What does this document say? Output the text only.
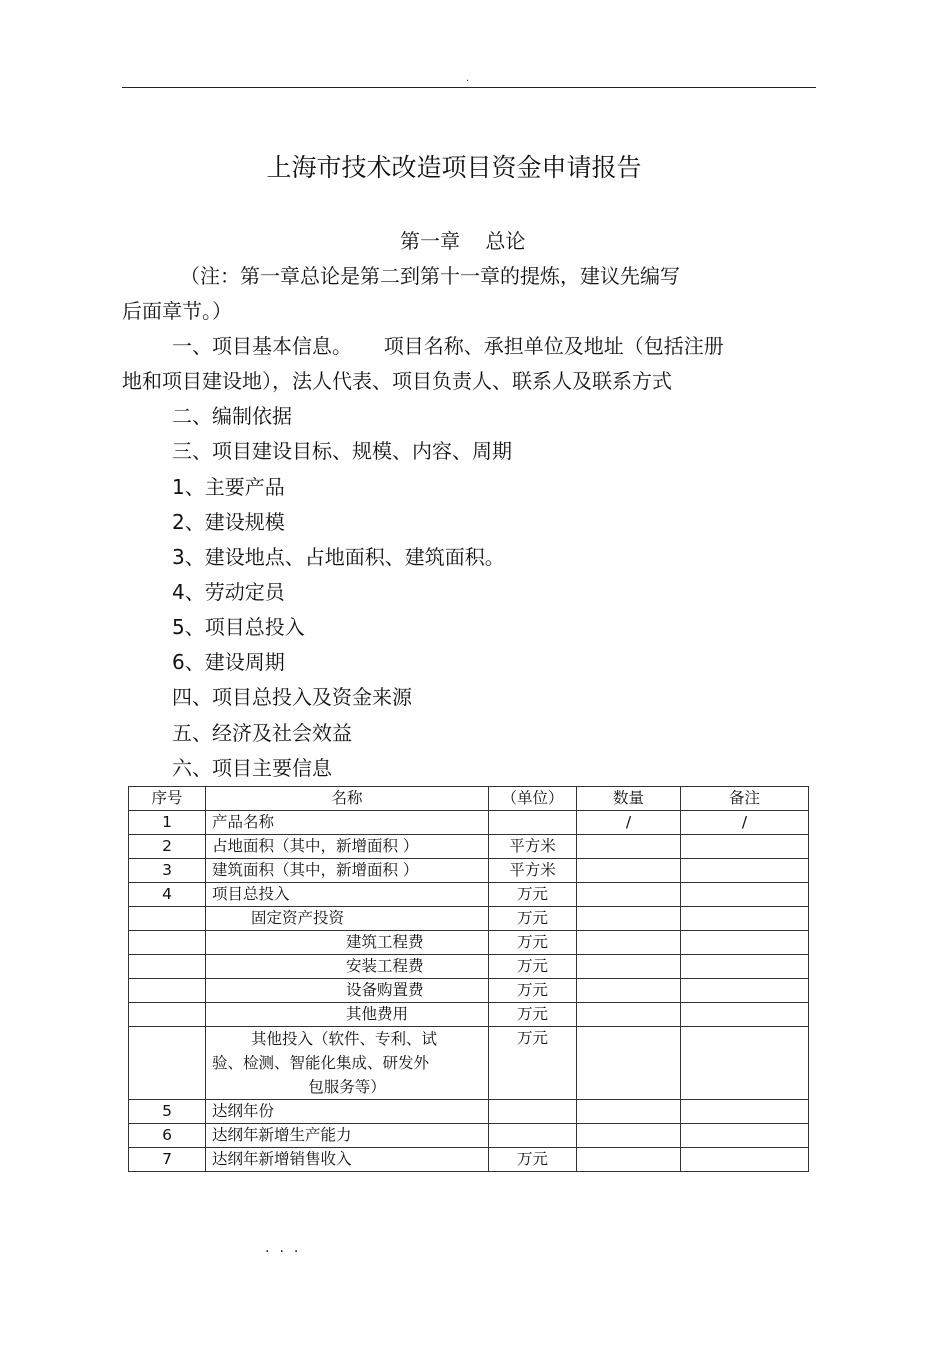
.
上海市技术改造项目资金申请报告
第一章    总论
（注：第一章总论是第二到第十一章的提炼，建议先编写
后面章节。）
一、项目基本信息。     项目名称、承担单位及地址（包括注册
地和项目建设地），法人代表、项目负责人、联系人及联系方式
二、编制依据
三、项目建设目标、规模、内容、周期
1、主要产品
2、建设规模
3、建设地点、占地面积、建筑面积。
4、劳动定员
5、项目总投入
6、建设周期
四、项目总投入及资金来源
五、经济及社会效益
六、项目主要信息
序号	名称	（单位）	数量	备注
1	产品名称		/	/
2	占地面积（其中，新增面积 ）	平方米		
3	建筑面积（其中，新增面积 ）	平方米		
4	项目总投入	万元		
	固定资产投资	万元		
	建筑工程费	万元		
	安装工程费	万元		
	设备购置费	万元		
	其他费用	万元		

	其他投入（软件、专利、试
验、检测、智能化集成、研发外
包服务等）	万元		
5	达纲年份			
6	达纲年新增生产能力			
7	达纲年新增销售收入	万元		
...
